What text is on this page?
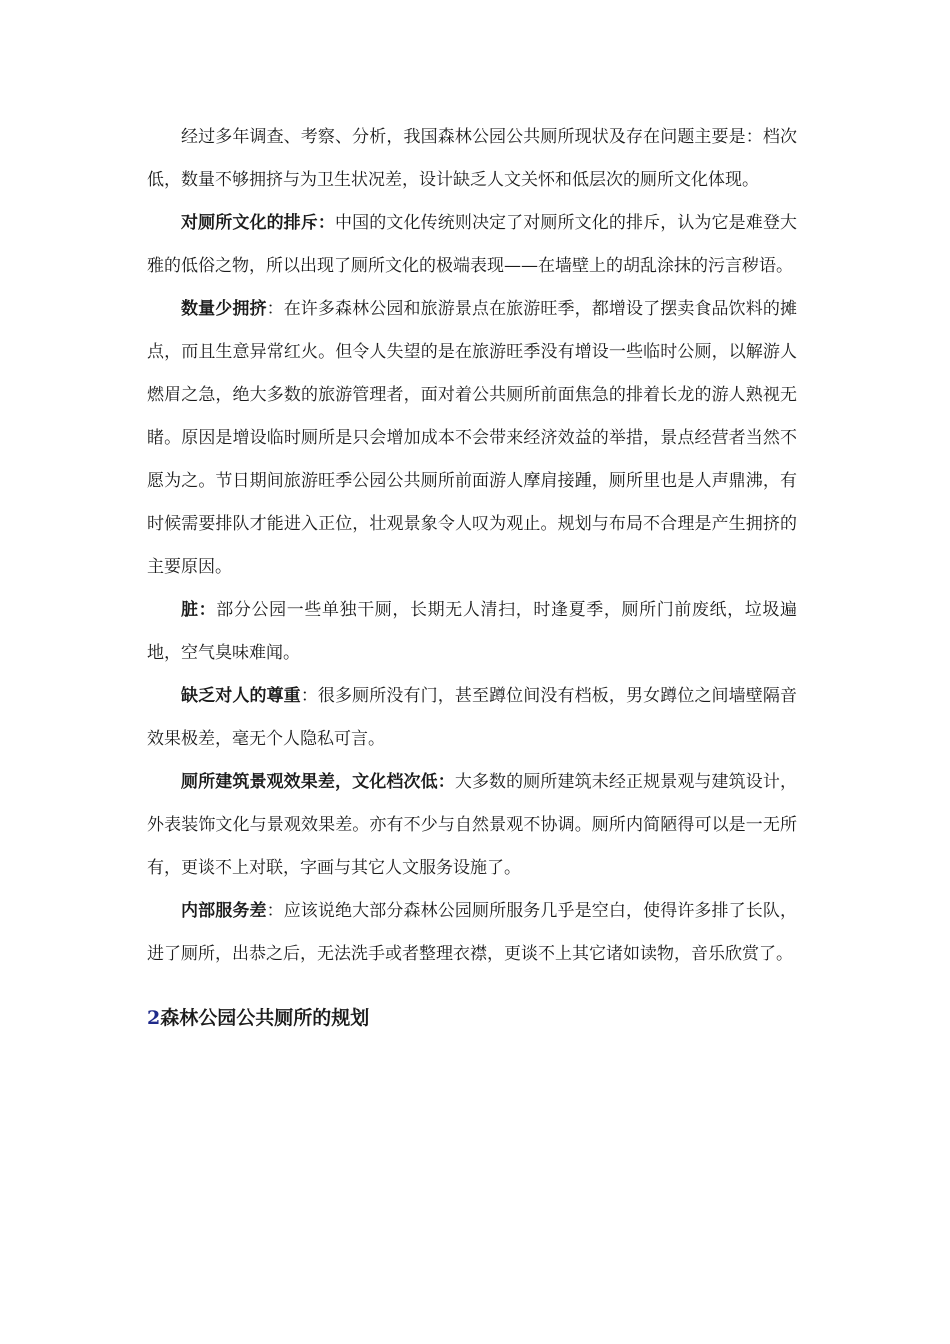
经过多年调查、考察、分析，我国森林公园公共厕所现状及存在问题主要是：档次低，数量不够拥挤与为卫生状况差，设计缺乏人文关怀和低层次的厕所文化体现。

对厕所文化的排斥：中国的文化传统则决定了对厕所文化的排斥，认为它是难登大雅的低俗之物，所以出现了厕所文化的极端表现——在墙壁上的胡乱涂抹的污言秽语。

数量少拥挤：在许多森林公园和旅游景点在旅游旺季，都增设了摆卖食品饮料的摊点，而且生意异常红火。但令人失望的是在旅游旺季没有增设一些临时公厕，以解游人燃眉之急，绝大多数的旅游管理者，面对着公共厕所前面焦急的排着长龙的游人熟视无睹。原因是增设临时厕所是只会增加成本不会带来经济效益的举措，景点经营者当然不愿为之。节日期间旅游旺季公园公共厕所前面游人摩肩接踵，厕所里也是人声鼎沸，有时候需要排队才能进入正位，壮观景象令人叹为观止。规划与布局不合理是产生拥挤的主要原因。

脏：部分公园一些单独干厕，长期无人清扫，时逢夏季，厕所门前废纸，垃圾遍地，空气臭味难闻。

缺乏对人的尊重：很多厕所没有门，甚至蹲位间没有档板，男女蹲位之间墙壁隔音效果极差，毫无个人隐私可言。

厕所建筑景观效果差，文化档次低：大多数的厕所建筑未经正规景观与建筑设计，外表装饰文化与景观效果差。亦有不少与自然景观不协调。厕所内简陋得可以是一无所有，更谈不上对联，字画与其它人文服务设施了。

内部服务差：应该说绝大部分森林公园厕所服务几乎是空白，使得许多排了长队，进了厕所，出恭之后，无法洗手或者整理衣襟，更谈不上其它诸如读物，音乐欣赏了。

2森林公园公共厕所的规划
